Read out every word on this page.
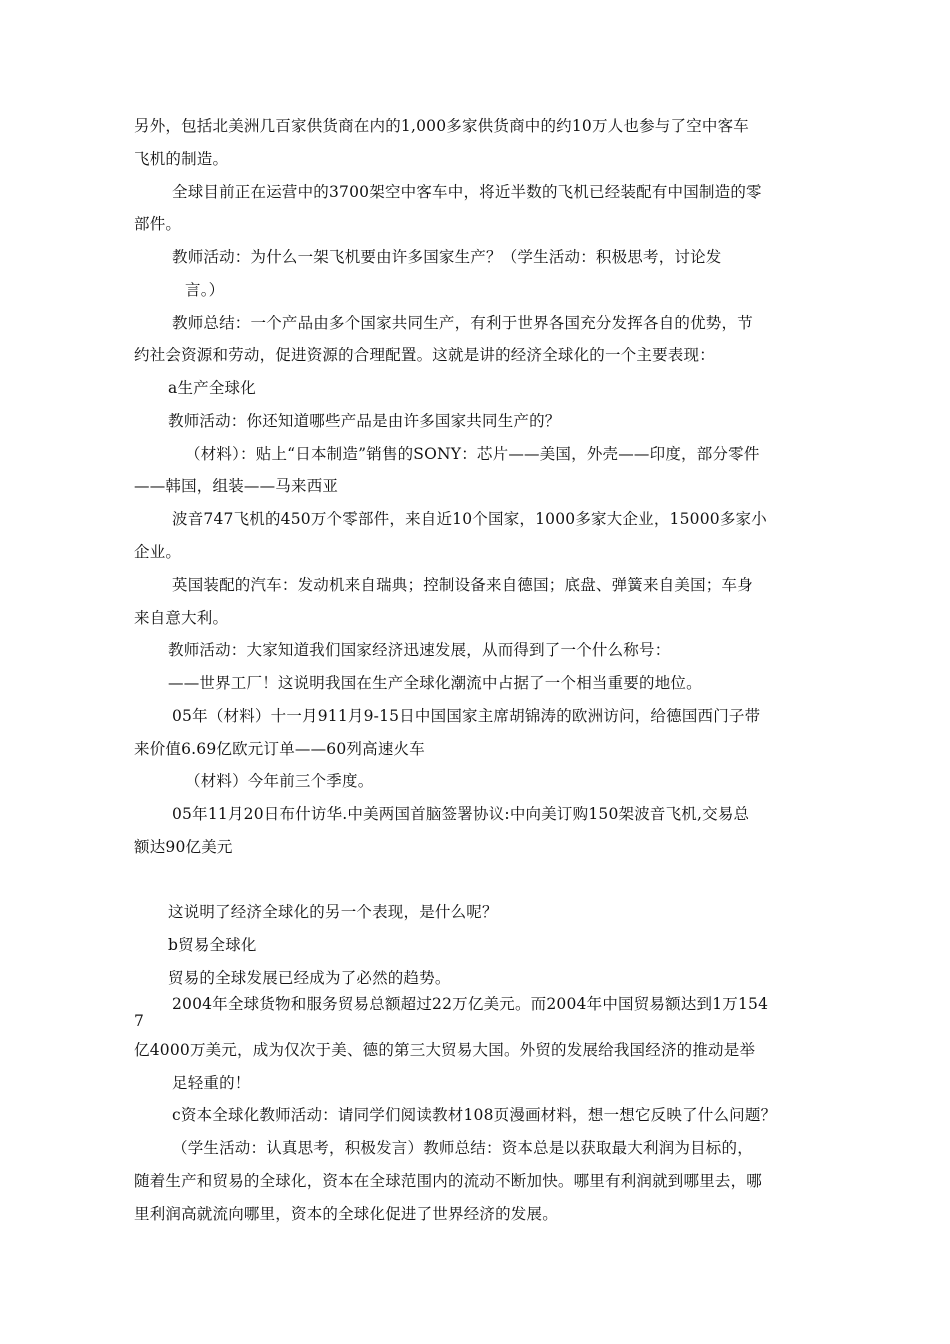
另外，包括北美洲几百家供货商在内的1,000多家供货商中的约10万人也参与了空中客车
飞机的制造。
全球目前正在运营中的3700架空中客车中，将近半数的飞机已经装配有中国制造的零
部件。
教师活动：为什么一架飞机要由许多国家生产？（学生活动：积极思考，讨论发
言。）
教师总结：一个产品由多个国家共同生产，有利于世界各国充分发挥各自的优势，节
约社会资源和劳动，促进资源的合理配置。这就是讲的经济全球化的一个主要表现：
a生产全球化
教师活动：你还知道哪些产品是由许多国家共同生产的？
（材料）：贴上“日本制造”销售的SONY：芯片——美国，外壳——印度，部分零件
——韩国，组装——马来西亚
波音747飞机的450万个零部件，来自近10个国家，1000多家大企业，15000多家小
企业。
英国装配的汽车：发动机来自瑞典；控制设备来自德国；底盘、弹簧来自美国；车身
来自意大利。
教师活动：大家知道我们国家经济迅速发展，从而得到了一个什么称号：
——世界工厂！这说明我国在生产全球化潮流中占据了一个相当重要的地位。
05年（材料）十一月911月9-15日中国国家主席胡锦涛的欧洲访问，给德国西门子带
来价值6.69亿欧元订单——60列高速火车
（材料）今年前三个季度。
05年11月20日布什访华.中美两国首脑签署协议:中向美订购150架波音飞机,交易总
额达90亿美元
这说明了经济全球化的另一个表现，是什么呢？
b贸易全球化
贸易的全球发展已经成为了必然的趋势。
2004年全球货物和服务贸易总额超过22万亿美元。而2004年中国贸易额达到1万154
7
亿4000万美元，成为仅次于美、德的第三大贸易大国。外贸的发展给我国经济的推动是举
足轻重的！
c资本全球化教师活动：请同学们阅读教材108页漫画材料，想一想它反映了什么问题？
（学生活动：认真思考，积极发言）教师总结：资本总是以获取最大利润为目标的，
随着生产和贸易的全球化，资本在全球范围内的流动不断加快。哪里有利润就到哪里去，哪
里利润高就流向哪里，资本的全球化促进了世界经济的发展。
